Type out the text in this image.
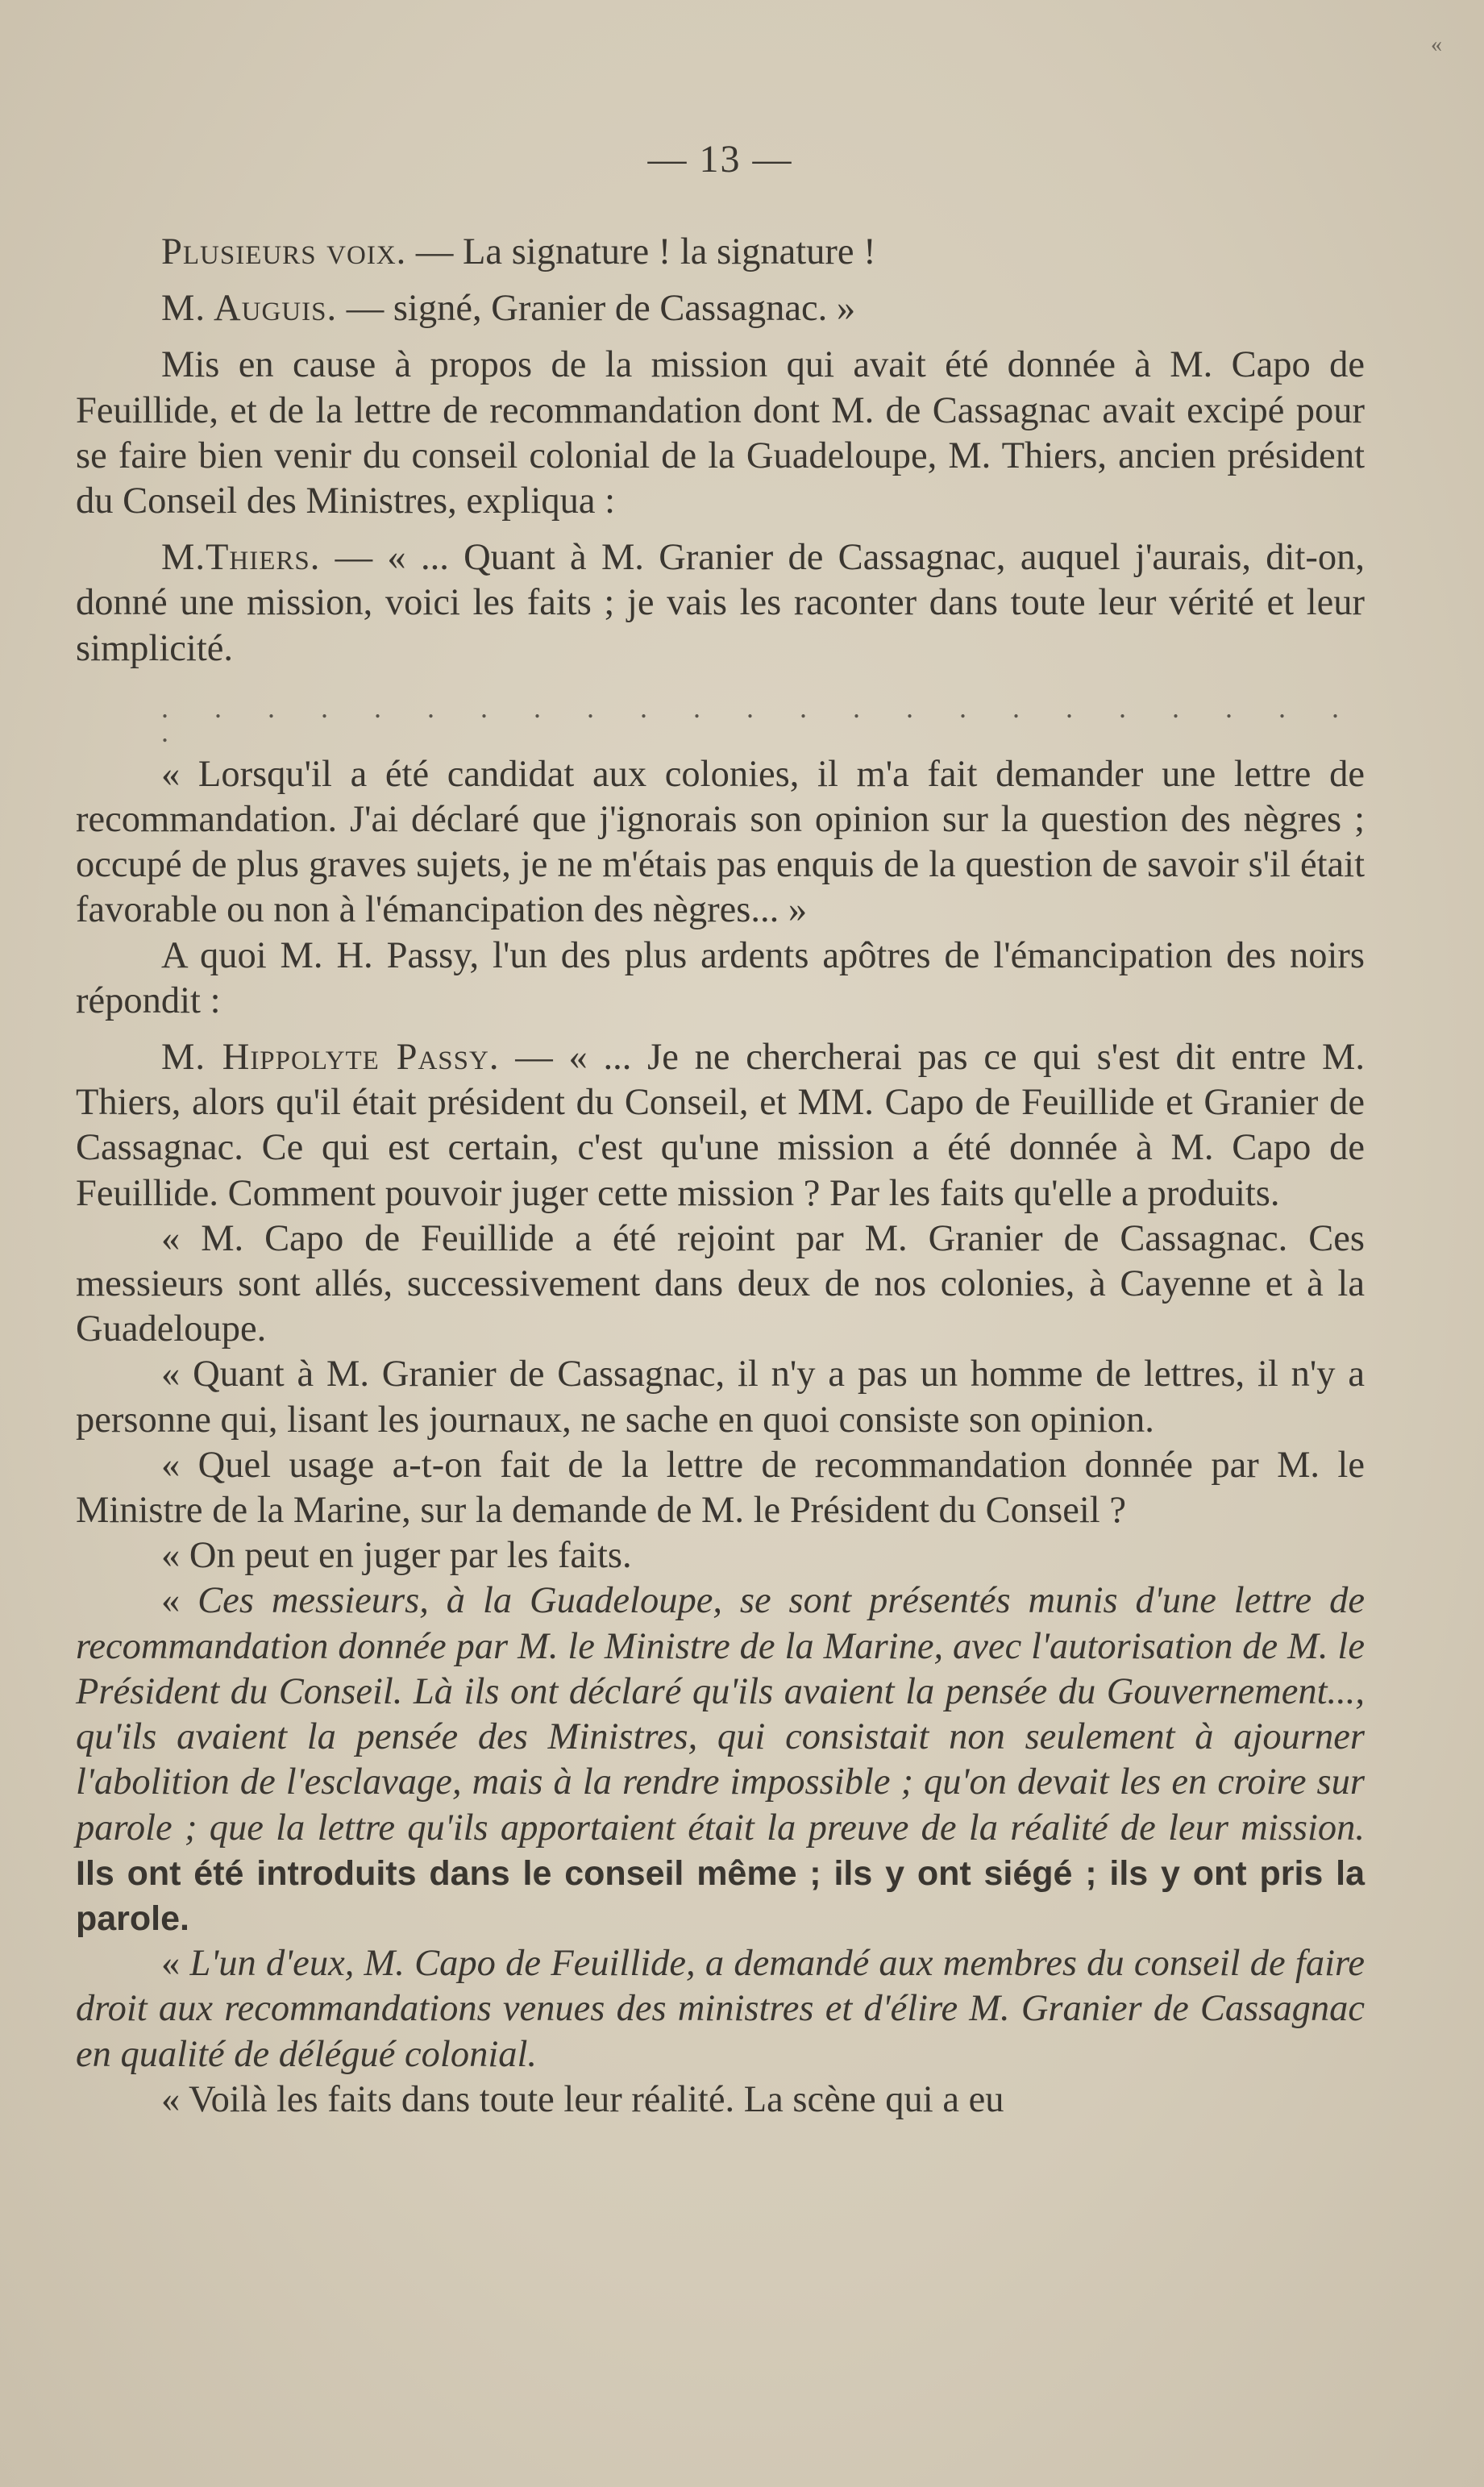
«
— 13 —

Plusieurs voix. — La signature ! la signature !

M. Auguis. — signé, Granier de Cassagnac. »

Mis en cause à propos de la mission qui avait été donnée à M. Capo de Feuillide, et de la lettre de recommandation dont M. de Cassagnac avait excipé pour se faire bien venir du conseil colonial de la Guadeloupe, M. Thiers, ancien président du Conseil des Ministres, expliqua :

M.Thiers. — « ... Quant à M. Granier de Cassagnac, auquel j'aurais, dit-on, donné une mission, voici les faits ; je vais les raconter dans toute leur vérité et leur simplicité.

. . . . . . . . . . . . . . . . . . . . . . . .

« Lorsqu'il a été candidat aux colonies, il m'a fait demander une lettre de recommandation. J'ai déclaré que j'ignorais son opinion sur la question des nègres ; occupé de plus graves sujets, je ne m'étais pas enquis de la question de savoir s'il était favorable ou non à l'émancipation des nègres... »

A quoi M. H. Passy, l'un des plus ardents apôtres de l'émancipation des noirs répondit :

M. Hippolyte Passy. — « ... Je ne chercherai pas ce qui s'est dit entre M. Thiers, alors qu'il était président du Conseil, et MM. Capo de Feuillide et Granier de Cassagnac. Ce qui est certain, c'est qu'une mission a été donnée à M. Capo de Feuillide. Comment pouvoir juger cette mission ? Par les faits qu'elle a produits.

« M. Capo de Feuillide a été rejoint par M. Granier de Cassagnac. Ces messieurs sont allés, successivement dans deux de nos colonies, à Cayenne et à la Guadeloupe.

« Quant à M. Granier de Cassagnac, il n'y a pas un homme de lettres, il n'y a personne qui, lisant les journaux, ne sache en quoi consiste son opinion.

« Quel usage a-t-on fait de la lettre de recommandation donnée par M. le Ministre de la Marine, sur la demande de M. le Président du Conseil ?

« On peut en juger par les faits.

« Ces messieurs, à la Guadeloupe, se sont présentés munis d'une lettre de recommandation donnée par M. le Ministre de la Marine, avec l'autorisation de M. le Président du Conseil. Là ils ont déclaré qu'ils avaient la pensée du Gouvernement..., qu'ils avaient la pensée des Ministres, qui consistait non seulement à ajourner l'abolition de l'esclavage, mais à la rendre impossible ; qu'on devait les en croire sur parole ; que la lettre qu'ils apportaient était la preuve de la réalité de leur mission. Ils ont été introduits dans le conseil même ; ils y ont siégé ; ils y ont pris la parole.

« L'un d'eux, M. Capo de Feuillide, a demandé aux membres du conseil de faire droit aux recommandations venues des ministres et d'élire M. Granier de Cassagnac en qualité de délégué colonial.

« Voilà les faits dans toute leur réalité. La scène qui a eu
